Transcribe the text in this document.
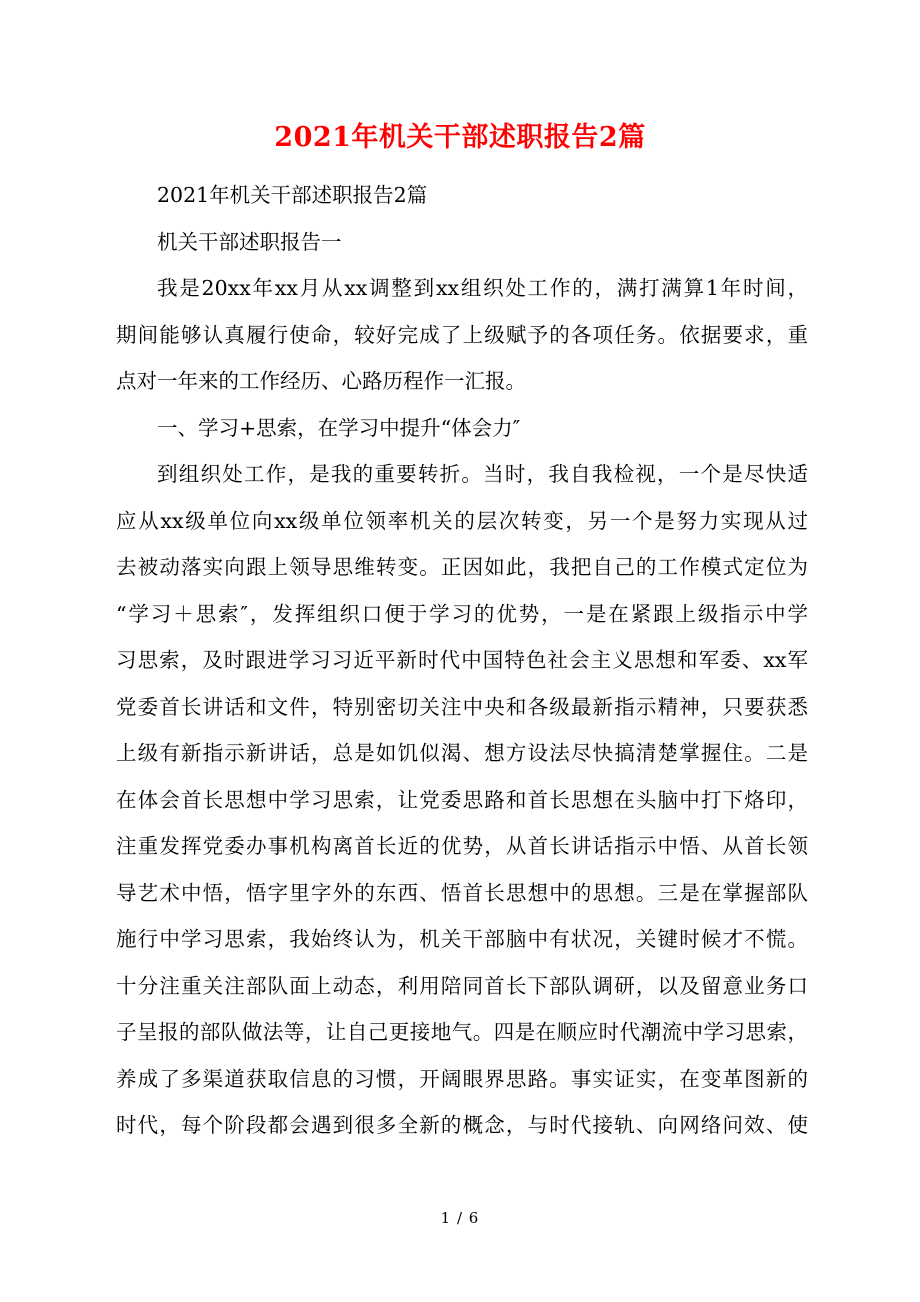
2021年机关干部述职报告2篇
2021年机关干部述职报告2篇
机关干部述职报告一
我是20xx年xx月从xx调整到xx组织处工作的，满打满算1年时间，
期间能够认真履行使命，较好完成了上级赋予的各项任务。依据要求，重
点对一年来的工作经历、心路历程作一汇报。
一、学习+思索，在学习中提升“体会力″
到组织处工作，是我的重要转折。当时，我自我检视，一个是尽快适
应从xx级单位向xx级单位领率机关的层次转变，另一个是努力实现从过
去被动落实向跟上领导思维转变。正因如此，我把自己的工作模式定位为
“学习＋思索″，发挥组织口便于学习的优势，一是在紧跟上级指示中学
习思索，及时跟进学习习近平新时代中国特色社会主义思想和军委、xx军
党委首长讲话和文件，特别密切关注中央和各级最新指示精神，只要获悉
上级有新指示新讲话，总是如饥似渴、想方设法尽快搞清楚掌握住。二是
在体会首长思想中学习思索，让党委思路和首长思想在头脑中打下烙印，
注重发挥党委办事机构离首长近的优势，从首长讲话指示中悟、从首长领
导艺术中悟，悟字里字外的东西、悟首长思想中的思想。三是在掌握部队
施行中学习思索，我始终认为，机关干部脑中有状况，关键时候才不慌。
十分注重关注部队面上动态，利用陪同首长下部队调研，以及留意业务口
子呈报的部队做法等，让自己更接地气。四是在顺应时代潮流中学习思索，
养成了多渠道获取信息的习惯，开阔眼界思路。事实证实，在变革图新的
时代，每个阶段都会遇到很多全新的概念，与时代接轨、向网络问效、使
1 / 6
